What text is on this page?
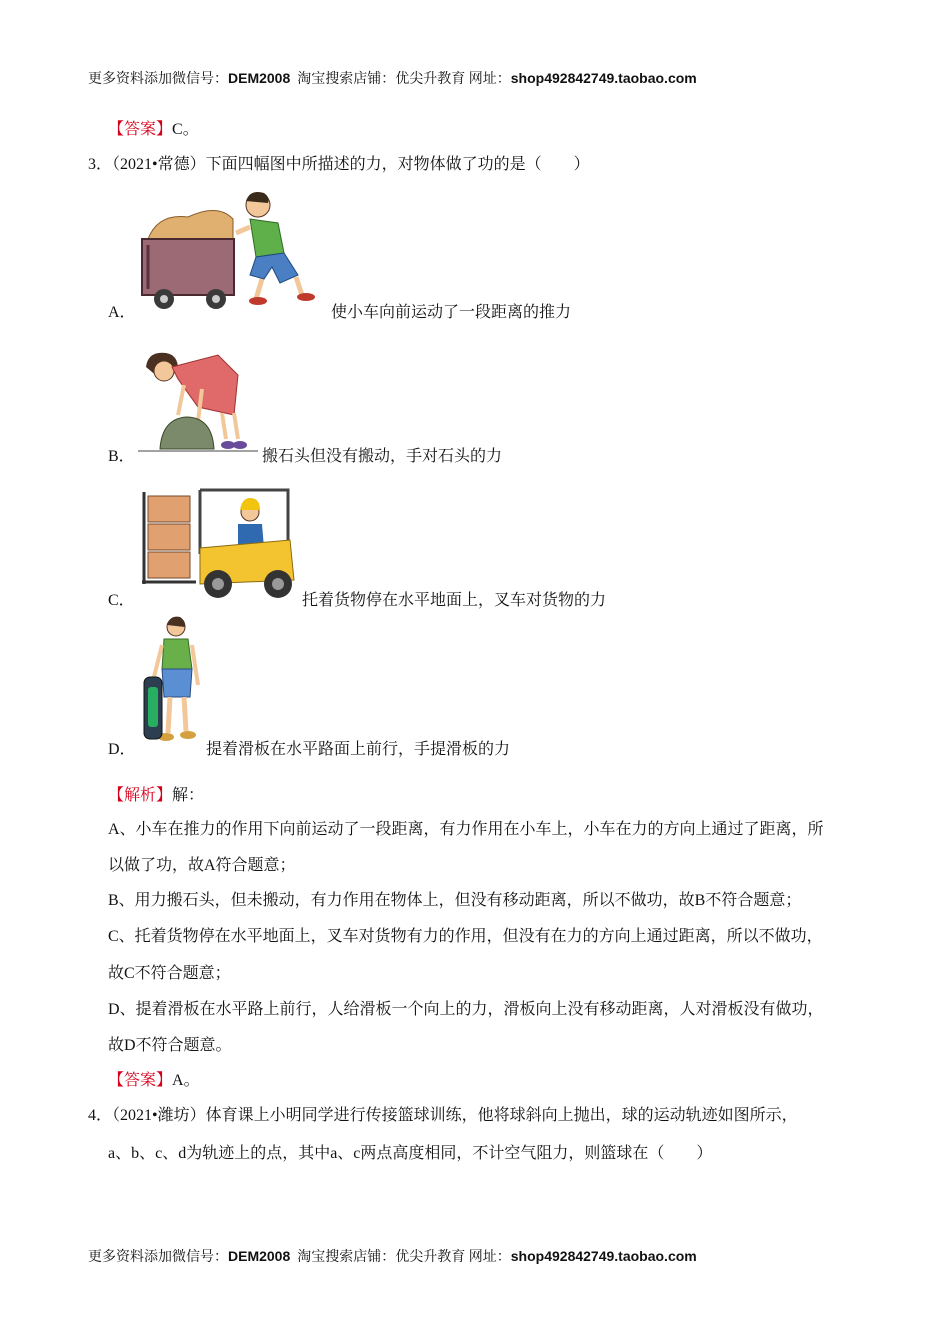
更多资料添加微信号：DEM2008 淘宝搜索店铺：优尖升教育 网址：shop492842749.taobao.com
【答案】C。
3．（2021•常德）下面四幅图中所描述的力，对物体做了功的是（　　）
A．	使小车向前运动了一段距离的推力
B．	搬石头但没有搬动，手对石头的力
C．	托着货物停在水平地面上，叉车对货物的力
D．	提着滑板在水平路面上前行，手提滑板的力
【解析】解：
A、小车在推力的作用下向前运动了一段距离，有力作用在小车上，小车在力的方向上通过了距离，所
以做了功，故A符合题意；
B、用力搬石头，但未搬动，有力作用在物体上，但没有移动距离，所以不做功，故B不符合题意；
C、托着货物停在水平地面上，叉车对货物有力的作用，但没有在力的方向上通过距离，所以不做功，
故C不符合题意；
D、提着滑板在水平路上前行，人给滑板一个向上的力，滑板向上没有移动距离，人对滑板没有做功，
故D不符合题意。
【答案】A。
4．（2021•潍坊）体育课上小明同学进行传接篮球训练，他将球斜向上抛出，球的运动轨迹如图所示，
a、b、c、d为轨迹上的点，其中a、c两点高度相同，不计空气阻力，则篮球在（　　）
更多资料添加微信号：DEM2008 淘宝搜索店铺：优尖升教育 网址：shop492842749.taobao.com
